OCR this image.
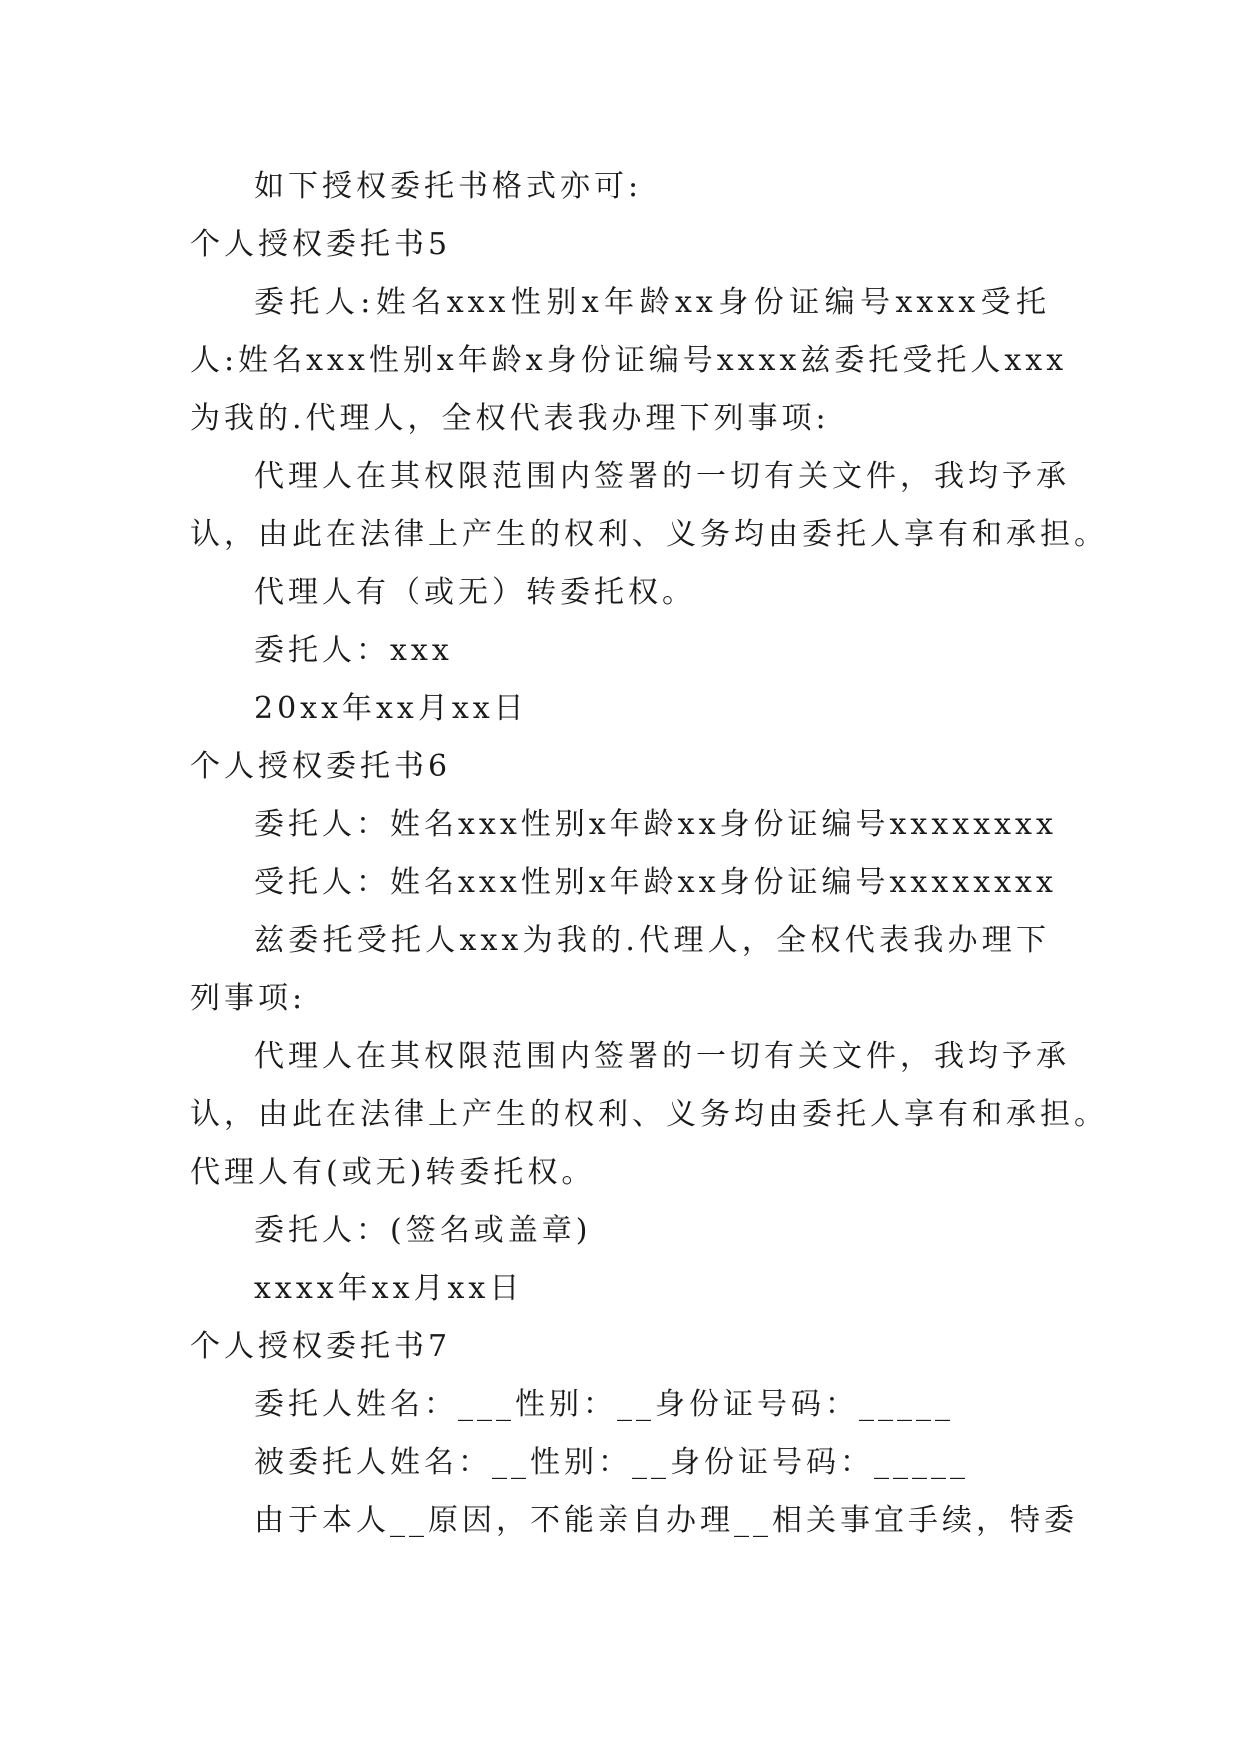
如下授权委托书格式亦可:
个人授权委托书5
委托人:姓名xxx性别x年龄xx身份证编号xxxx受托
人:姓名xxx性别x年龄x身份证编号xxxx兹委托受托人xxx
为我的.代理人，全权代表我办理下列事项:
代理人在其权限范围内签署的一切有关文件，我均予承
认，由此在法律上产生的权利、义务均由委托人享有和承担。
代理人有（或无）转委托权。
委托人：xxx
20xx年xx月xx日
个人授权委托书6
委托人：姓名xxx性别x年龄xx身份证编号xxxxxxxx
受托人：姓名xxx性别x年龄xx身份证编号xxxxxxxx
兹委托受托人xxx为我的.代理人，全权代表我办理下
列事项:
代理人在其权限范围内签署的一切有关文件，我均予承
认，由此在法律上产生的权利、义务均由委托人享有和承担。
代理人有(或无)转委托权。
委托人：(签名或盖章)
xxxx年xx月xx日
个人授权委托书7
委托人姓名：___性别：__身份证号码：_____
被委托人姓名：__性别：__身份证号码：_____
由于本人__原因，不能亲自办理__相关事宜手续，特委
